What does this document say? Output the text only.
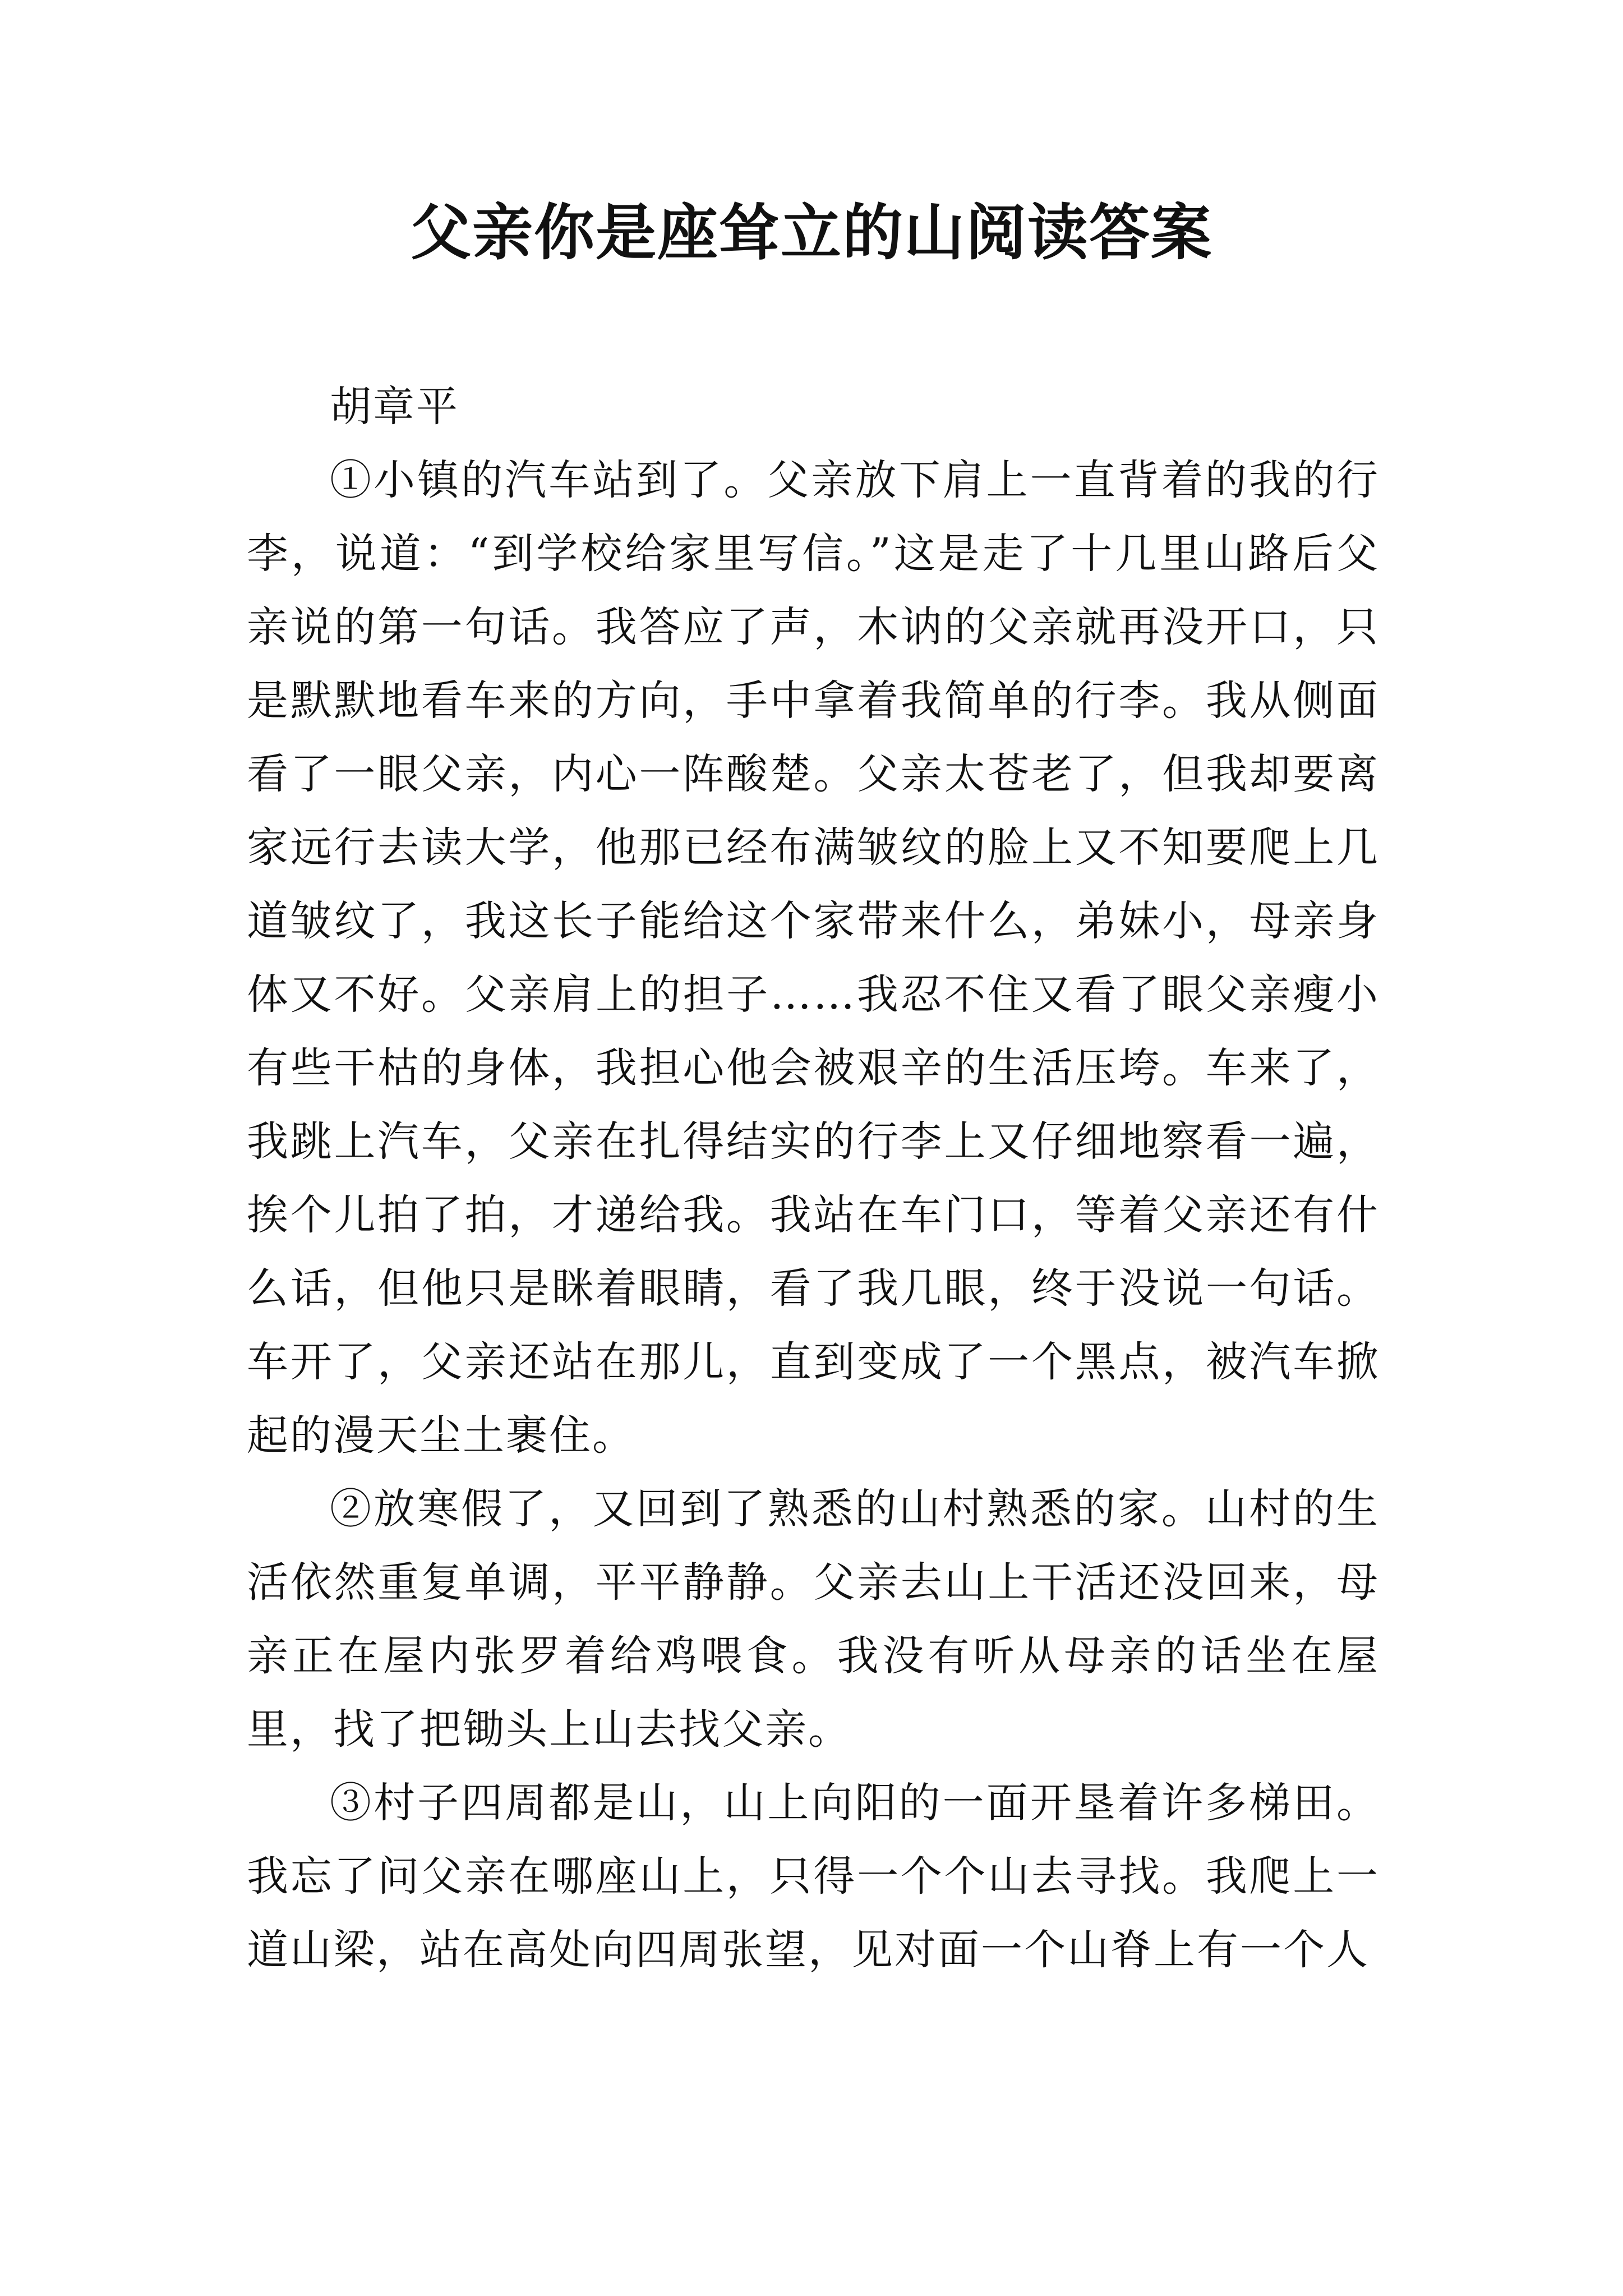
父亲你是座耸立的山阅读答案

胡章平

①小镇的汽车站到了。父亲放下肩上一直背着的我的行李，说道：“到学校给家里写信。”这是走了十几里山路后父亲说的第一句话。我答应了声，木讷的父亲就再没开口，只是默默地看车来的方向，手中拿着我简单的行李。我从侧面看了一眼父亲，内心一阵酸楚。父亲太苍老了，但我却要离家远行去读大学，他那已经布满皱纹的脸上又不知要爬上几道皱纹了，我这长子能给这个家带来什么，弟妹小，母亲身体又不好。父亲肩上的担子……我忍不住又看了眼父亲瘦小有些干枯的身体，我担心他会被艰辛的生活压垮。车来了，我跳上汽车，父亲在扎得结实的行李上又仔细地察看一遍，挨个儿拍了拍，才递给我。我站在车门口，等着父亲还有什么话，但他只是眯着眼睛，看了我几眼，终于没说一句话。车开了，父亲还站在那儿，直到变成了一个黑点，被汽车掀起的漫天尘土裹住。

②放寒假了，又回到了熟悉的山村熟悉的家。山村的生活依然重复单调，平平静静。父亲去山上干活还没回来，母亲正在屋内张罗着给鸡喂食。我没有听从母亲的话坐在屋里，找了把锄头上山去找父亲。

③村子四周都是山，山上向阳的一面开垦着许多梯田。我忘了问父亲在哪座山上，只得一个个山去寻找。我爬上一道山梁，站在高处向四周张望，见对面一个山脊上有一个人
